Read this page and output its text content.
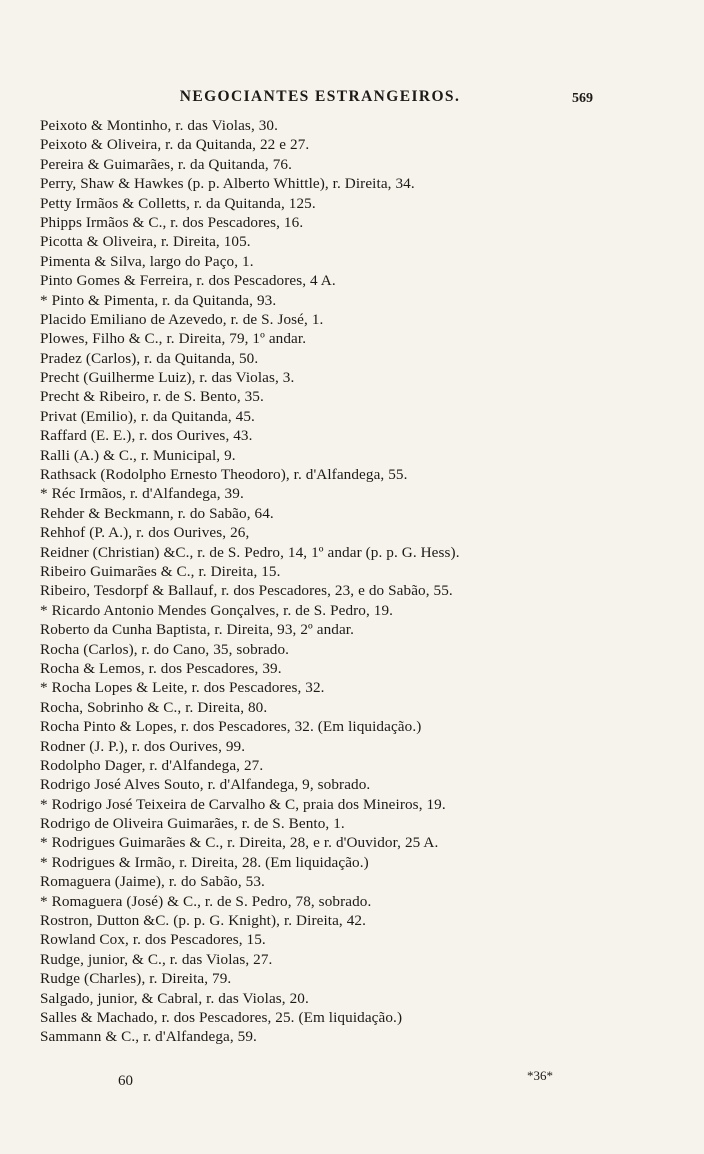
NEGOCIANTES ESTRANGEIROS.	569
Peixoto & Montinho, r. das Violas, 30.
Peixoto & Oliveira, r. da Quitanda, 22 e 27.
Pereira & Guimarães, r. da Quitanda, 76.
Perry, Shaw & Hawkes (p. p. Alberto Whittle), r. Direita, 34.
Petty Irmãos & Colletts, r. da Quitanda, 125.
Phipps Irmãos & C., r. dos Pescadores, 16.
Picotta & Oliveira, r. Direita, 105.
Pimenta & Silva, largo do Paço, 1.
Pinto Gomes & Ferreira, r. dos Pescadores, 4 A.
* Pinto & Pimenta, r. da Quitanda, 93.
Placido Emiliano de Azevedo, r. de S. José, 1.
Plowes, Filho & C., r. Direita, 79, 1º andar.
Pradez (Carlos), r. da Quitanda, 50.
Precht (Guilherme Luiz), r. das Violas, 3.
Precht & Ribeiro, r. de S. Bento, 35.
Privat (Emilio), r. da Quitanda, 45.
Raffard (E. E.), r. dos Ourives, 43.
Ralli (A.) & C., r. Municipal, 9.
Rathsack (Rodolpho Ernesto Theodoro), r. d'Alfandega, 55.
* Réc Irmãos, r. d'Alfandega, 39.
Rehder & Beckmann, r. do Sabão, 64.
Rehhof (P. A.), r. dos Ourives, 26,
Reidner (Christian) &C., r. de S. Pedro, 14, 1º andar (p. p. G. Hess).
Ribeiro Guimarães & C., r. Direita, 15.
Ribeiro, Tesdorpf & Ballauf, r. dos Pescadores, 23, e do Sabão, 55.
* Ricardo Antonio Mendes Gonçalves, r. de S. Pedro, 19.
Roberto da Cunha Baptista, r. Direita, 93, 2º andar.
Rocha (Carlos), r. do Cano, 35, sobrado.
Rocha & Lemos, r. dos Pescadores, 39.
* Rocha Lopes & Leite, r. dos Pescadores, 32.
Rocha, Sobrinho & C., r. Direita, 80.
Rocha Pinto & Lopes, r. dos Pescadores, 32. (Em liquidação.)
Rodner (J. P.), r. dos Ourives, 99.
Rodolpho Dager, r. d'Alfandega, 27.
Rodrigo José Alves Souto, r. d'Alfandega, 9, sobrado.
* Rodrigo José Teixeira de Carvalho & C, praia dos Mineiros, 19.
Rodrigo de Oliveira Guimarães, r. de S. Bento, 1.
* Rodrigues Guimarães & C., r. Direita, 28, e r. d'Ouvidor, 25 A.
* Rodrigues & Irmão, r. Direita, 28. (Em liquidação.)
Romaguera (Jaime), r. do Sabão, 53.
* Romaguera (José) & C., r. de S. Pedro, 78, sobrado.
Rostron, Dutton &C. (p. p. G. Knight), r. Direita, 42.
Rowland Cox, r. dos Pescadores, 15.
Rudge, junior, & C., r. das Violas, 27.
Rudge (Charles), r. Direita, 79.
Salgado, junior, & Cabral, r. das Violas, 20.
Salles & Machado, r. dos Pescadores, 25. (Em liquidação.)
Sammann & C., r. d'Alfandega, 59.
60	*36*
